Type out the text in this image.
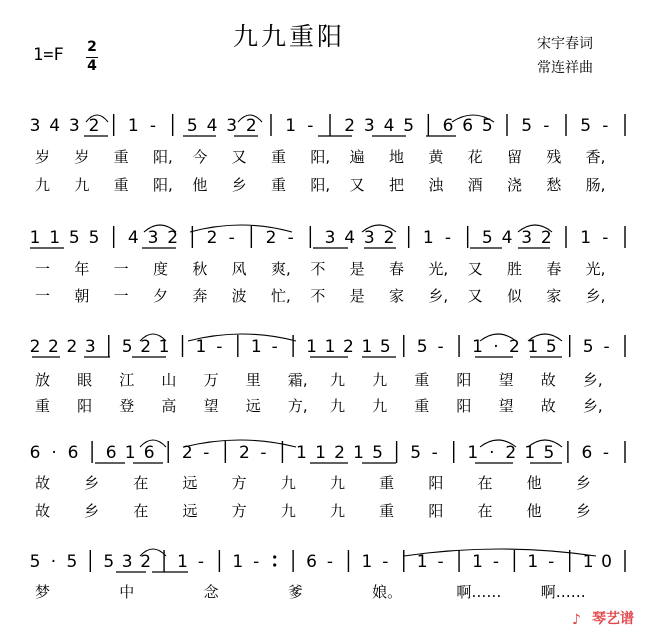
九九重阳	宋宇春词
常连祥曲
1=F 2
4
♪ 琴艺谱
3 4 3 2 1 - 5 4 3 2 1 - 2 3 4 5 6 6 5 5 - 5 -
岁 岁 重 阳, 今 又 重 阳, 遍 地 黄 花 留 残 香,
九 九 重 阳, 他 乡 重 阳, 又 把 浊 酒 浇 愁 肠,
1 1 5 5 4 3 2 2 - 2 - 3 4 3 2 1 - 5 4 3 2 1 -
一 年 一 度 秋 风 爽, 不 是 春 光, 又 胜 春 光,
一 朝 一 夕 奔 波 忙, 不 是 家 乡, 又 似 家 乡,
2 2 2 3 5 2 1 1 - 1 - 1 1 2 1 5 5 - 1 · 2 1 5 5 -
放 眼 江 山 万 里 霜, 九 九 重 阳 望 故 乡,
重 阳 登 高 望 远 方, 九 九 重 阳 望 故 乡,
6 · 6 6 1 6 2 - 2 - 1 1 2 1 5 5 - 1 · 2 1 5 6 -
故 乡 在 远 方 九 九 重 阳 在 他 乡
故 乡 在 远 方 九 九 重 阳 在 他 乡
5 · 5 5 3 2 1 - 1 -	6 - 1 - 1 - 1 - 1 - 1 0
梦	中	念	爹	娘。	啊……	啊……
